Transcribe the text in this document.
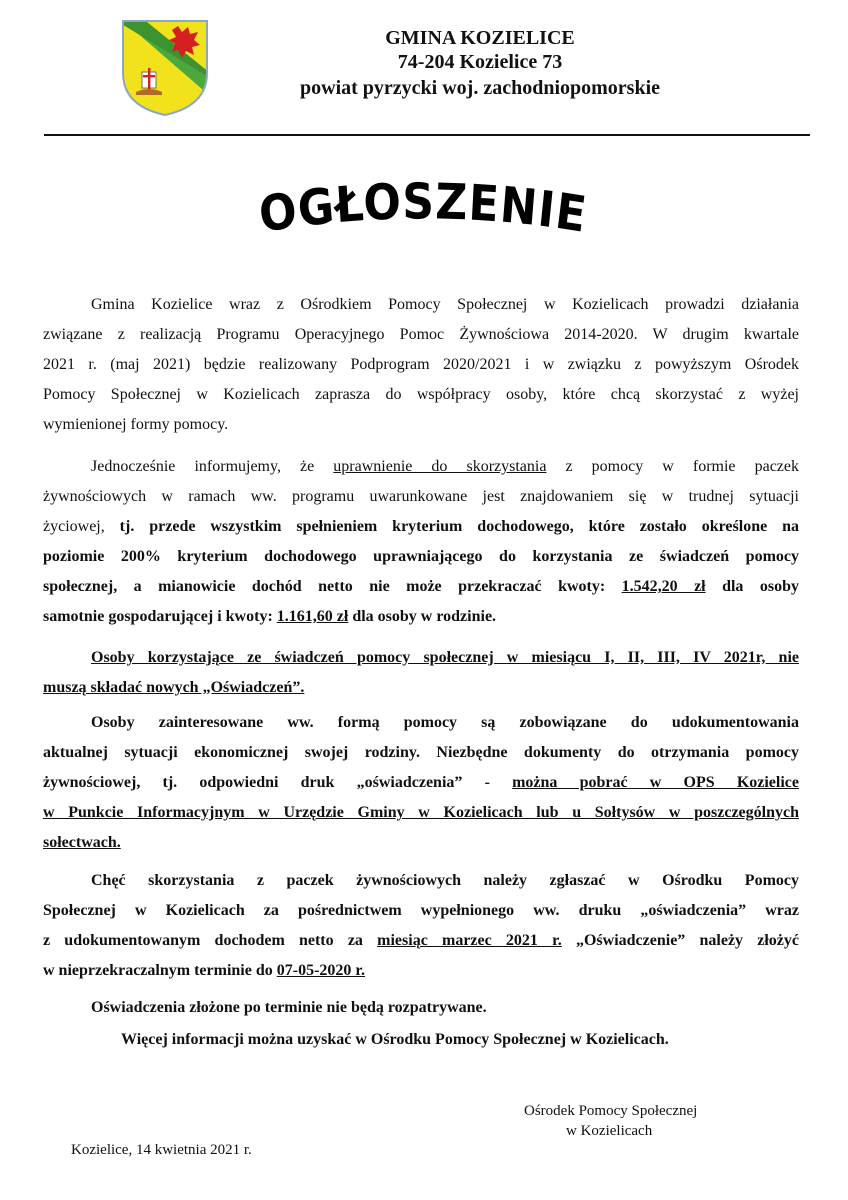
GMINA KOZIELICE
74-204 Kozielice 73
powiat pyrzycki woj. zachodniopomorskie
OGŁOSZENIE
Gmina Kozielice wraz z Ośrodkiem Pomocy Społecznej w Kozielicach prowadzi działania
związane z realizacją Programu Operacyjnego Pomoc Żywnościowa 2014-2020. W drugim kwartale
2021 r. (maj 2021) będzie realizowany Podprogram 2020/2021 i w związku z powyższym Ośrodek
Pomocy Społecznej w Kozielicach zaprasza do współpracy osoby, które chcą skorzystać z wyżej
wymienionej formy pomocy.
Jednocześnie informujemy, że uprawnienie do skorzystania z pomocy w formie paczek
żywnościowych w ramach ww. programu uwarunkowane jest znajdowaniem się w trudnej sytuacji
życiowej, tj. przede wszystkim spełnieniem kryterium dochodowego, które zostało określone na
poziomie 200% kryterium dochodowego uprawniającego do korzystania ze świadczeń pomocy
społecznej, a mianowicie dochód netto nie może przekraczać kwoty: 1.542,20 zł dla osoby
samotnie gospodarującej i kwoty: 1.161,60 zł dla osoby w rodzinie.
Osoby korzystające ze świadczeń pomocy społecznej w miesiącu I, II, III, IV 2021r, nie
muszą składać nowych „Oświadczeń”.
Osoby zainteresowane ww. formą pomocy są zobowiązane do udokumentowania
aktualnej sytuacji ekonomicznej swojej rodziny. Niezbędne dokumenty do otrzymania pomocy
żywnościowej, tj. odpowiedni druk „oświadczenia” - można pobrać w OPS Kozielice
w Punkcie Informacyjnym w Urzędzie Gminy w Kozielicach lub u Sołtysów w poszczególnych
sołectwach.
Chęć skorzystania z paczek żywnościowych należy zgłaszać w Ośrodku Pomocy
Społecznej w Kozielicach za pośrednictwem wypełnionego ww. druku „oświadczenia” wraz
z udokumentowanym dochodem netto za miesiąc marzec 2021 r. „Oświadczenie” należy złożyć
w nieprzekraczalnym terminie do 07-05-2020 r.
Oświadczenia złożone po terminie nie będą rozpatrywane.
Więcej informacji można uzyskać w Ośrodku Pomocy Społecznej w Kozielicach.
Ośrodek Pomocy Społecznej
w Kozielicach
Kozielice, 14 kwietnia 2021 r.
